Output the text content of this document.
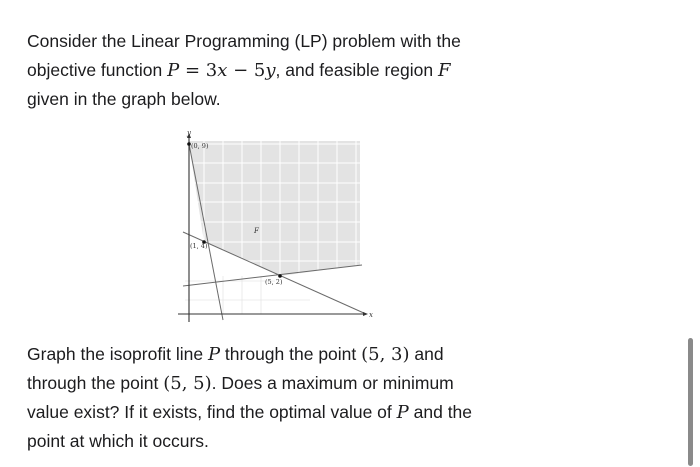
Consider the Linear Programming (LP) problem with the
objective function P = 3x − 5y, and feasible region F
given in the graph below.

y
x
(0, 9)
(1, 4)
(5, 2)
F

Graph the isoprofit line P through the point (5, 3) and
through the point (5, 5). Does a maximum or minimum
value exist? If it exists, find the optimal value of P and the
point at which it occurs.
